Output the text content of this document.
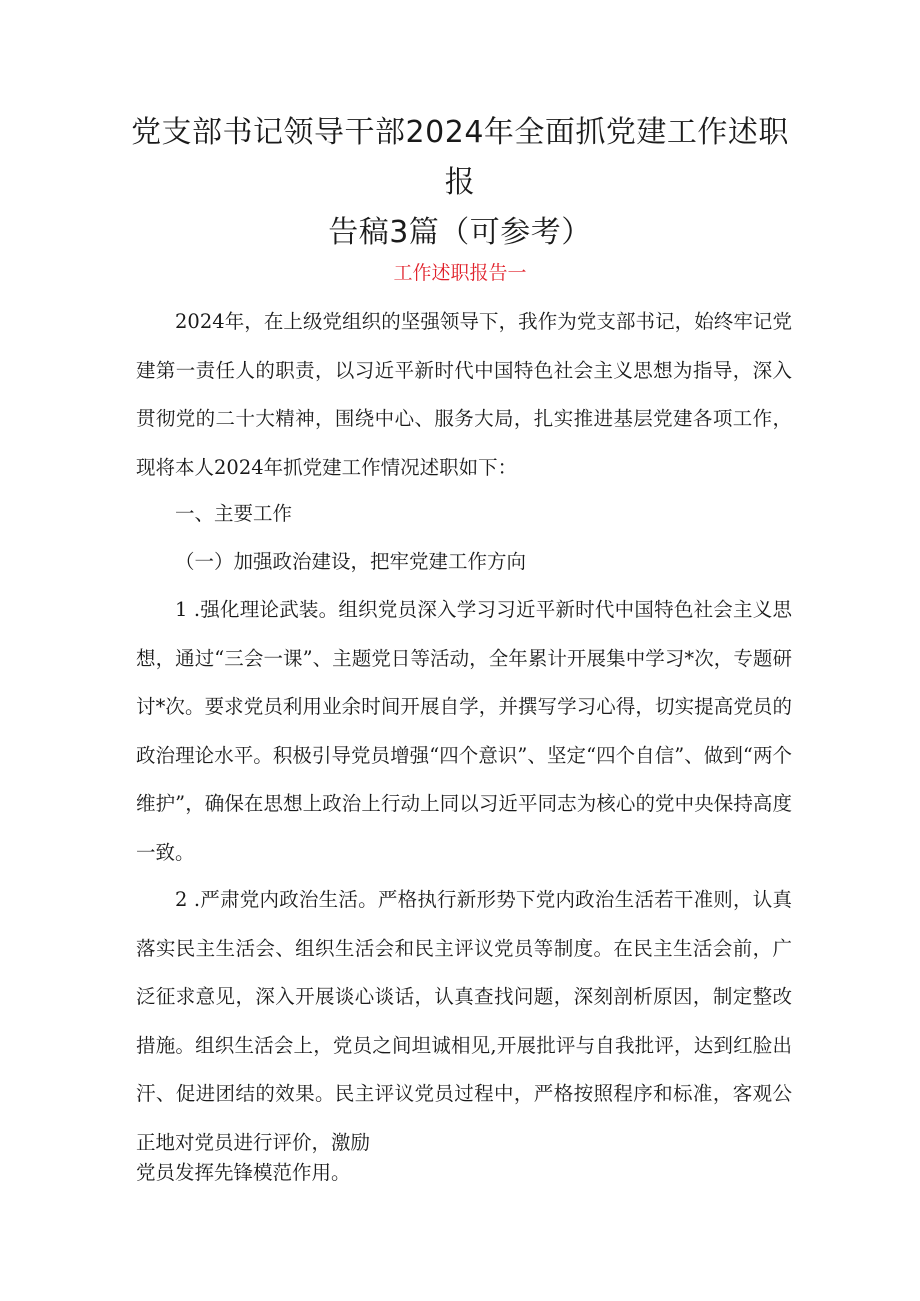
党支部书记领导干部2024年全面抓党建工作述职报
告稿3篇（可参考）

工作述职报告一

2024年，在上级党组织的坚强领导下，我作为党支部书记，始终牢记党建第一责任人的职责，以习近平新时代中国特色社会主义思想为指导，深入贯彻党的二十大精神，围绕中心、服务大局，扎实推进基层党建各项工作，现将本人2024年抓党建工作情况述职如下：

一、主要工作

（一）加强政治建设，把牢党建工作方向

1 .强化理论武装。组织党员深入学习习近平新时代中国特色社会主义思想，通过“三会一课”、主题党日等活动，全年累计开展集中学习*次，专题研讨*次。要求党员利用业余时间开展自学，并撰写学习心得，切实提高党员的政治理论水平。积极引导党员增强“四个意识”、坚定“四个自信”、做到“两个维护”，确保在思想上政治上行动上同以习近平同志为核心的党中央保持高度一致。

2 .严肃党内政治生活。严格执行新形势下党内政治生活若干准则，认真落实民主生活会、组织生活会和民主评议党员等制度。在民主生活会前，广泛征求意见，深入开展谈心谈话，认真查找问题，深刻剖析原因，制定整改措施。组织生活会上，党员之间坦诚相见,开展批评与自我批评，达到红脸出汗、促进团结的效果。民主评议党员过程中，严格按照程序和标准，客观公正地对党员进行评价，激励

党员发挥先锋模范作用。
